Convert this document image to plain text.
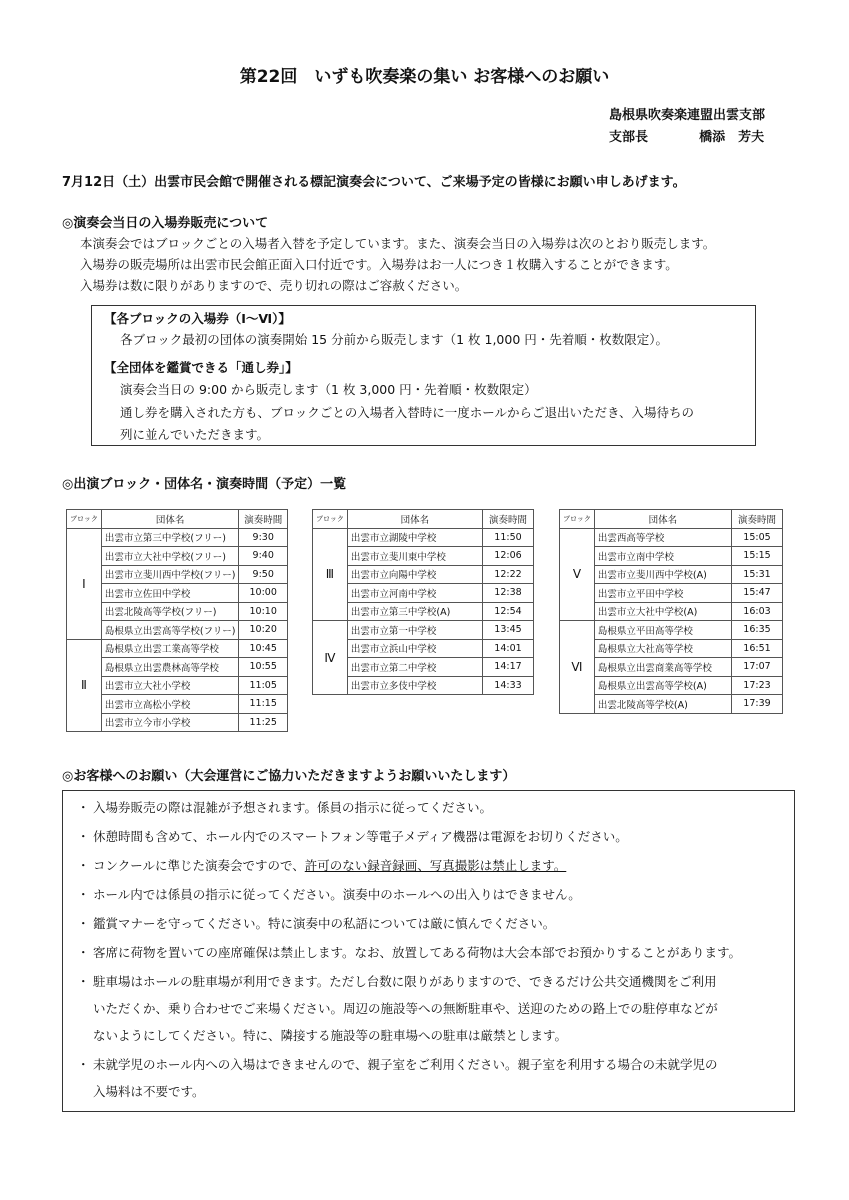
第22回　いずも吹奏楽の集い お客様へのお願い
島根県吹奏楽連盟出雲支部
支部長	橋添　芳夫
7月12日（土）出雲市民会館で開催される標記演奏会について、ご来場予定の皆様にお願い申しあげます。
◎演奏会当日の入場券販売について
本演奏会ではブロックごとの入場者入替を予定しています。また、演奏会当日の入場券は次のとおり販売します。
入場券の販売場所は出雲市民会館正面入口付近です。入場券はお一人につき１枚購入することができます。
入場券は数に限りがありますので、売り切れの際はご容赦ください。
【各ブロックの入場券（Ⅰ～Ⅵ）】
各ブロック最初の団体の演奏開始 15 分前から販売します（1 枚 1,000 円・先着順・枚数限定）。
【全団体を鑑賞できる「通し券」】
演奏会当日の 9:00 から販売します（1 枚 3,000 円・先着順・枚数限定）
通し券を購入された方も、ブロックごとの入場者入替時に一度ホールからご退出いただき、入場待ちの
列に並んでいただきます。
◎出演ブロック・団体名・演奏時間（予定）一覧
ブロック	団体名	演奏時間
Ⅰ	出雲市立第三中学校(フリー)	9:30
	出雲市立大社中学校(フリー)	9:40
	出雲市立斐川西中学校(フリー)	9:50
	出雲市立佐田中学校	10:00
	出雲北陵高等学校(フリー)	10:10
	島根県立出雲高等学校(フリー)	10:20
Ⅱ	島根県立出雲工業高等学校	10:45
	島根県立出雲農林高等学校	10:55
	出雲市立大社小学校	11:05
	出雲市立高松小学校	11:15
	出雲市立今市小学校	11:25
ブロック	団体名	演奏時間
Ⅲ	出雲市立湖陵中学校	11:50
	出雲市立斐川東中学校	12:06
	出雲市立向陽中学校	12:22
	出雲市立河南中学校	12:38
	出雲市立第三中学校(A)	12:54
Ⅳ	出雲市立第一中学校	13:45
	出雲市立浜山中学校	14:01
	出雲市立第二中学校	14:17
	出雲市立多伎中学校	14:33
ブロック	団体名	演奏時間
Ⅴ	出雲西高等学校	15:05
	出雲市立南中学校	15:15
	出雲市立斐川西中学校(A)	15:31
	出雲市立平田中学校	15:47
	出雲市立大社中学校(A)	16:03
Ⅵ	島根県立平田高等学校	16:35
	島根県立大社高等学校	16:51
	島根県立出雲商業高等学校	17:07
	島根県立出雲高等学校(A)	17:23
	出雲北陵高等学校(A)	17:39
◎お客様へのお願い（大会運営にご協力いただきますようお願いいたします）
・ 入場券販売の際は混雑が予想されます。係員の指示に従ってください。
・ 休憩時間も含めて、ホール内でのスマートフォン等電子メディア機器は電源をお切りください。
・ コンクールに準じた演奏会ですので、許可のない録音録画、写真撮影は禁止します。
・ ホール内では係員の指示に従ってください。演奏中のホールへの出入りはできません。
・ 鑑賞マナーを守ってください。特に演奏中の私語については厳に慎んでください。
・ 客席に荷物を置いての座席確保は禁止します。なお、放置してある荷物は大会本部でお預かりすることがあります。
・ 駐車場はホールの駐車場が利用できます。ただし台数に限りがありますので、できるだけ公共交通機関をご利用
いただくか、乗り合わせでご来場ください。周辺の施設等への無断駐車や、送迎のための路上での駐停車などが
ないようにしてください。特に、隣接する施設等の駐車場への駐車は厳禁とします。
・ 未就学児のホール内への入場はできませんので、親子室をご利用ください。親子室を利用する場合の未就学児の
入場料は不要です。
